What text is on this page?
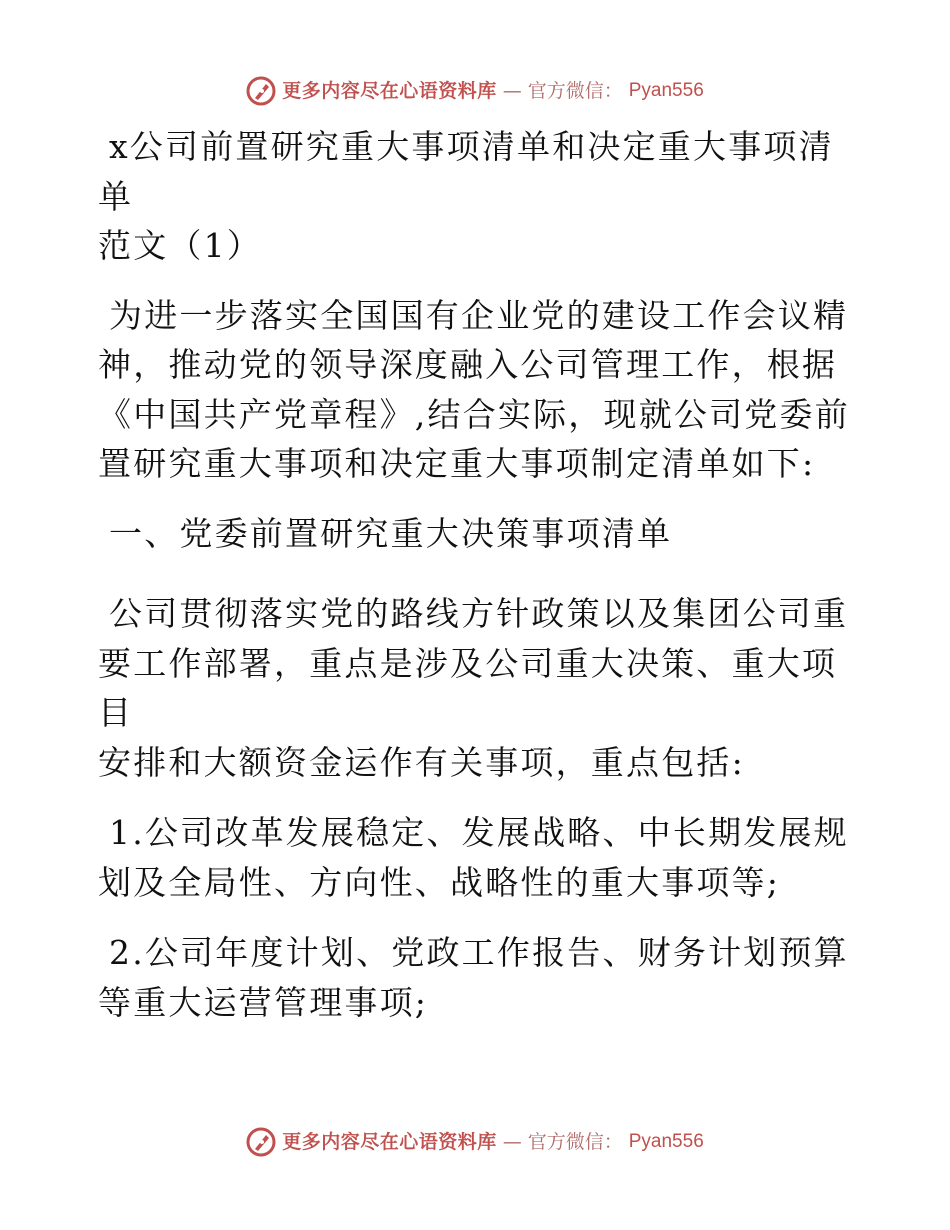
更多内容尽在心语资料库 — 官方微信： Pyan556

x公司前置研究重大事项清单和决定重大事项清单
范文（1）

为进一步落实全国国有企业党的建设工作会议精
神，推动党的领导深度融入公司管理工作，根据
《中国共产党章程》,结合实际，现就公司党委前
置研究重大事项和决定重大事项制定清单如下:

一、党委前置研究重大决策事项清单

公司贯彻落实党的路线方针政策以及集团公司重
要工作部署，重点是涉及公司重大决策、重大项目
安排和大额资金运作有关事项，重点包括:

1.公司改革发展稳定、发展战略、中长期发展规
划及全局性、方向性、战略性的重大事项等;

2.公司年度计划、党政工作报告、财务计划预算
等重大运营管理事项;

更多内容尽在心语资料库 — 官方微信： Pyan556
